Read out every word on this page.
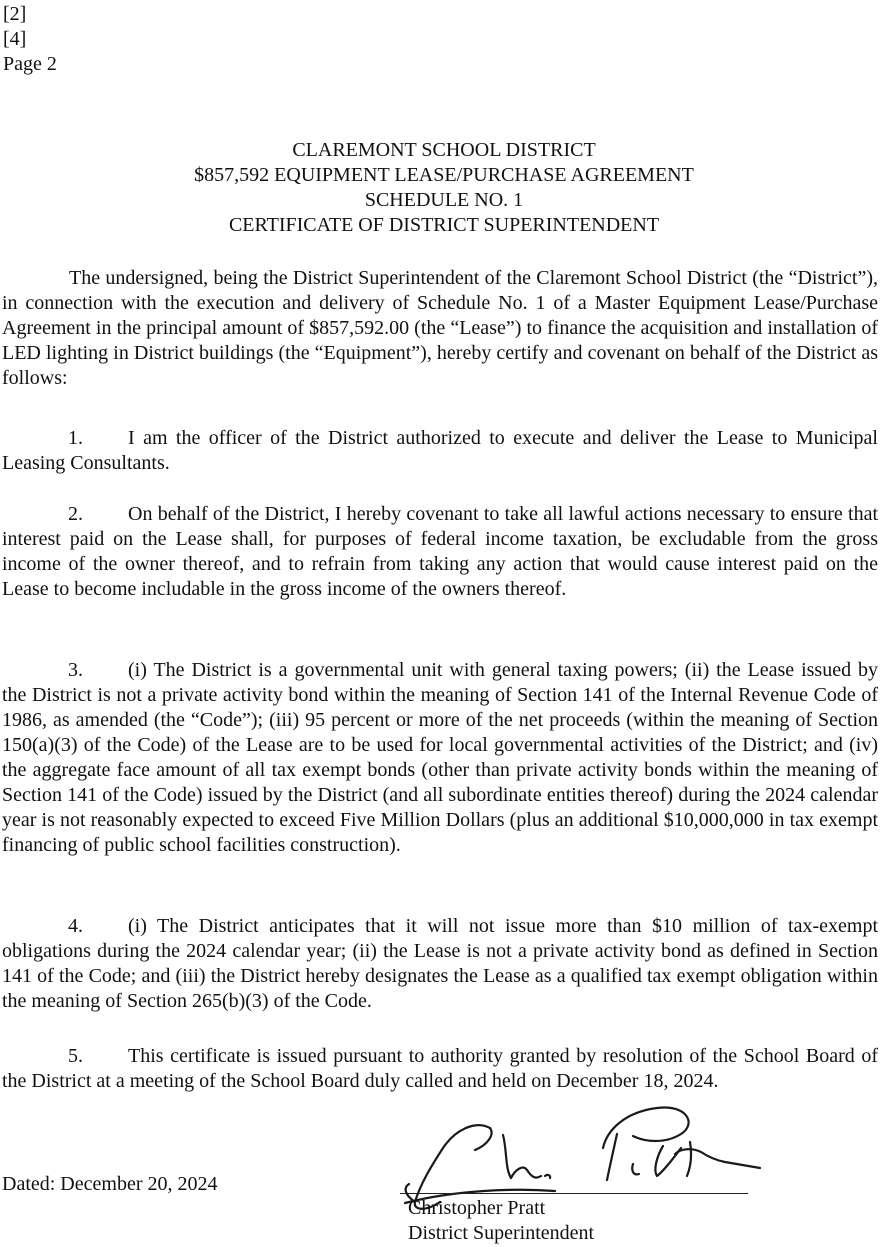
[2]
[4]
Page 2
CLAREMONT SCHOOL DISTRICT
$857,592 EQUIPMENT LEASE/PURCHASE AGREEMENT
SCHEDULE NO. 1
CERTIFICATE OF DISTRICT SUPERINTENDENT
The undersigned, being the District Superintendent of the Claremont School District (the “District”), in connection with the execution and delivery of Schedule No. 1 of a Master Equipment Lease/Purchase Agreement in the principal amount of $857,592.00 (the “Lease”) to finance the acquisition and installation of LED lighting in District buildings (the “Equipment”), hereby certify and covenant on behalf of the District as follows:
1. I am the officer of the District authorized to execute and deliver the Lease to Municipal Leasing Consultants.
2. On behalf of the District, I hereby covenant to take all lawful actions necessary to ensure that interest paid on the Lease shall, for purposes of federal income taxation, be excludable from the gross income of the owner thereof, and to refrain from taking any action that would cause interest paid on the Lease to become includable in the gross income of the owners thereof.
3. (i) The District is a governmental unit with general taxing powers; (ii) the Lease issued by the District is not a private activity bond within the meaning of Section 141 of the Internal Revenue Code of 1986, as amended (the “Code”); (iii) 95 percent or more of the net proceeds (within the meaning of Section 150(a)(3) of the Code) of the Lease are to be used for local governmental activities of the District; and (iv) the aggregate face amount of all tax exempt bonds (other than private activity bonds within the meaning of Section 141 of the Code) issued by the District (and all subordinate entities thereof) during the 2024 calendar year is not reasonably expected to exceed Five Million Dollars (plus an additional $10,000,000 in tax exempt financing of public school facilities construction).
4. (i) The District anticipates that it will not issue more than $10 million of tax-exempt obligations during the 2024 calendar year; (ii) the Lease is not a private activity bond as defined in Section 141 of the Code; and (iii) the District hereby designates the Lease as a qualified tax exempt obligation within the meaning of Section 265(b)(3) of the Code.
5. This certificate is issued pursuant to authority granted by resolution of the School Board of the District at a meeting of the School Board duly called and held on December 18, 2024.
Dated: December 20, 2024
Christopher Pratt
District Superintendent
